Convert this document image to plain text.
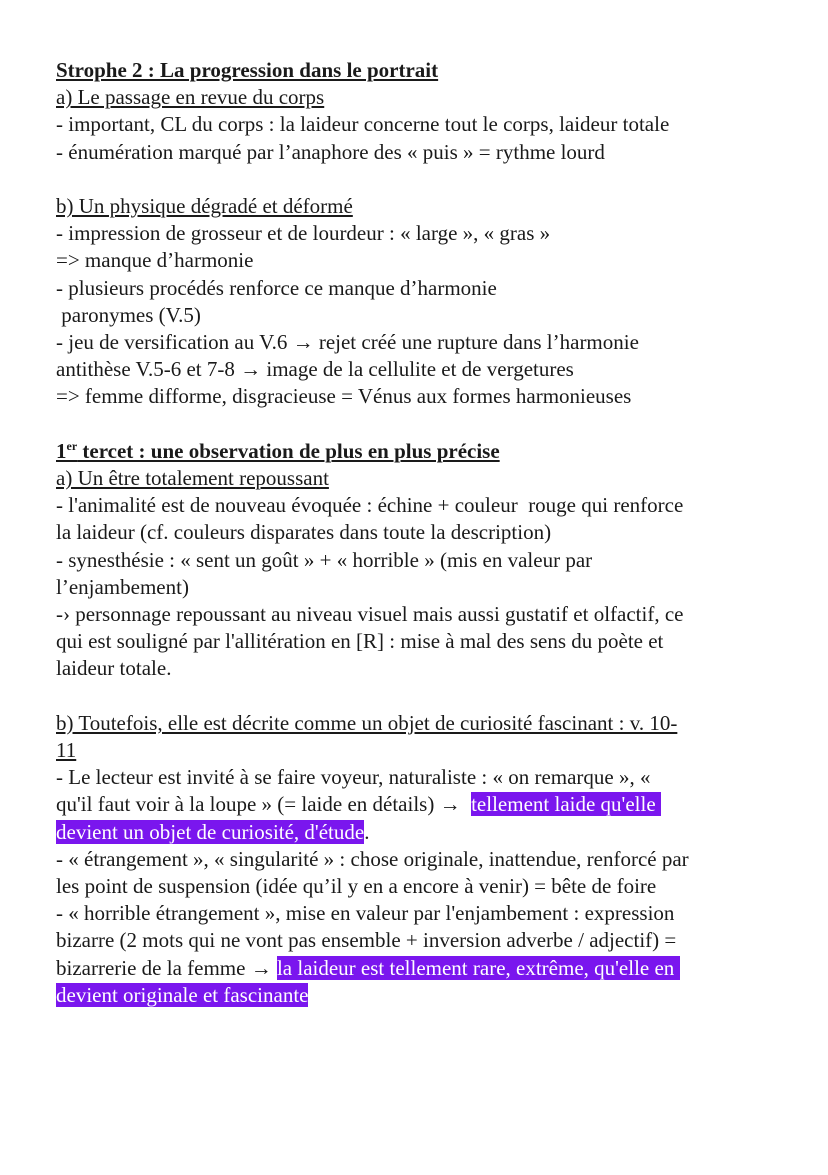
Strophe 2 : La progression dans le portrait
a) Le passage en revue du corps
- important, CL du corps : la laideur concerne tout le corps, laideur totale
- énumération marqué par l’anaphore des « puis » = rythme lourd
b) Un physique dégradé et déformé
- impression de grosseur et de lourdeur : « large », « gras »
=> manque d’harmonie
- plusieurs procédés renforce ce manque d’harmonie
paronymes (V.5)
- jeu de versification au V.6 → rejet créé une rupture dans l’harmonie
antithèse V.5-6 et 7-8 → image de la cellulite et de vergetures
=> femme difforme, disgracieuse = Vénus aux formes harmonieuses
1er tercet : une observation de plus en plus précise
a) Un être totalement repoussant
- l'animalité est de nouveau évoquée : échine + couleur  rouge qui renforce
la laideur (cf. couleurs disparates dans toute la description)
- synesthésie : « sent un goût » + « horrible » (mis en valeur par
l’enjambement)
-› personnage repoussant au niveau visuel mais aussi gustatif et olfactif, ce
qui est souligné par l'allitération en [R] : mise à mal des sens du poète et
laideur totale.
b) Toutefois, elle est décrite comme un objet de curiosité fascinant : v. 10-
11
- Le lecteur est invité à se faire voyeur, naturaliste : « on remarque », «
qu'il faut voir à la loupe » (= laide en détails) →  tellement laide qu'elle
devient un objet de curiosité, d'étude.
- « étrangement », « singularité » : chose originale, inattendue, renforcé par
les point de suspension (idée qu’il y en a encore à venir) = bête de foire
- « horrible étrangement », mise en valeur par l'enjambement : expression
bizarre (2 mots qui ne vont pas ensemble + inversion adverbe / adjectif) =
bizarrerie de la femme → la laideur est tellement rare, extrême, qu'elle en
devient originale et fascinante
